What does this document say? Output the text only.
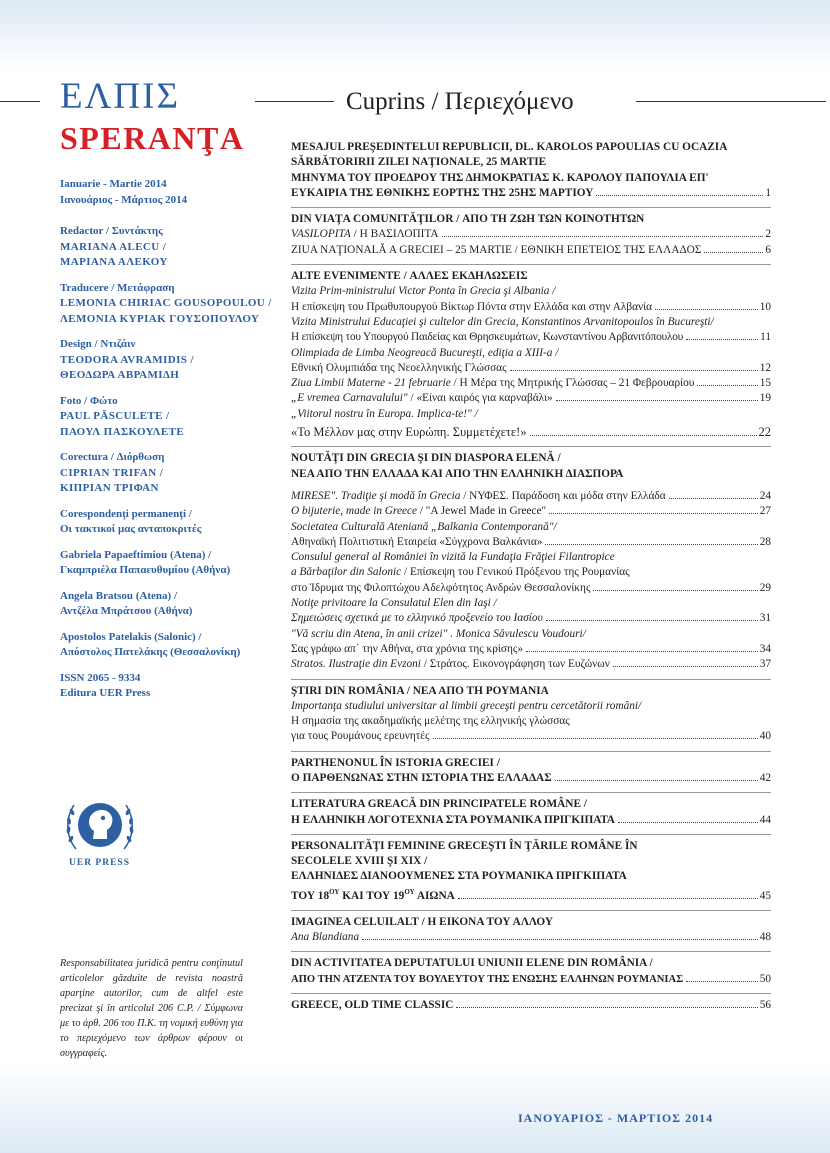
ΕΛΠΙΣ
SPERANŢA
Cuprins / Περιεχόμενο
Ianuarie - Martie 2014
Ιανουάριος - Μάρτιος 2014
Redactor / Συντάκτης
MARIANA ALECU /
ΜΑΡΙΑΝΑ ΑΛΕΚΟΥ
Traducere / Μετάφραση
LEMONIA CHIRIAC GOUSOPOULOU /
ΛΕΜΟΝΙΑ ΚΥΡΙΑΚ ΓΟΥΣΟΠΟΥΛΟΥ
Design / Ντιζάιν
TEODORA AVRAMIDIS /
ΘΕΟΔΩΡΑ ΑΒΡΑΜΙΔΗ
Foto / Φώτο
PAUL PĂSCULETE /
ΠΑΟΥΛ ΠΑΣΚΟΥΛΕΤΕ
Corectura / Διόρθωση
CIPRIAN TRIFAN /
ΚΙΠΡΙΑΝ ΤΡΙΦΑΝ
Corespondenţi permanenţi /
Οι τακτικοί μας ανταποκριτές
Gabriela Papaeftimiou (Atena) /
Γκαμπριέλα Παπαευθυμίου (Αθήνα)
Angela Bratsou (Atena) /
Αντζέλα Μπράτσου (Αθήνα)
Apostolos Patelakis (Salonic) /
Απόστολος Πατελάκης (Θεσσαλονίκη)
ISSN 2065 - 9334
Editura UER Press
UER PRESS
Responsabilitatea juridică pentru conţinutul articolelor găzduite de revista noastră aparţine autorilor, cum de altfel este precizat şi în articolul 206 C.P. / Σύμφωνα με το άρθ. 206 του Π.Κ. τη νομική ευθύνη για το περιεχόμενο των άρθρων φέρουν οι συγγραφείς.
MESAJUL PREŞEDINTELUI REPUBLICII, DL. KAROLOS PAPOULIAS CU OCAZIA
SĂRBĂTORIRII ZILEI NAŢIONALE, 25 MARTIE
ΜΗΝΥΜΑ ΤΟΥ ΠΡΟΕΔΡΟΥ ΤΗΣ ΔΗΜΟΚΡΑΤΙΑΣ Κ. ΚΑΡΟΛΟΥ ΠΑΠΟΥΛΙΑ ΕΠ'
ΕΥΚΑΙΡΙΑ ΤΗΣ ΕΘΝΙΚΗΣ ΕΟΡΤΗΣ ΤΗΣ 25ΗΣ ΜΑΡΤΙΟΥ	1
DIN VIAŢA COMUNITĂŢILOR / ΑΠΟ ΤΗ ΖΩΗ ΤΩΝ ΚΟΙΝΟΤΗΤΩΝ
VASILOPITA / Η ΒΑΣΙΛΟΠΙΤΑ	2
ZIUA NAŢIONALĂ A GRECIEI – 25 MARTIE / ΕΘΝΙΚΗ ΕΠΕΤΕΙΟΣ ΤΗΣ ΕΛΛΑΔΟΣ	6
ALTE EVENIMENTE / ΑΛΛΕΣ ΕΚΔΗΛΩΣΕΙΣ
Vizita Prim-ministrului Victor Ponta în Grecia şi Albania /
Η επίσκεψη του Πρωθυπουργού Βίκτωρ Πόντα στην Ελλάδα και στην Αλβανία	10
Vizita Ministrului Educaţiei şi cultelor din Grecia, Konstantinos Arvanitopoulos în Bucureşti/
Η επίσκεψη του Υπουργού Παιδείας και Θρησκευμάτων, Κωνσταντίνου Αρβανιτόπουλου	11
Olimpiada de Limba Neogreacă Bucureşti, ediţia a XIII-a /
Εθνική Ολυμπιάδα της Νεοελληνικής Γλώσσας	12
Ziua Limbii Materne - 21 februarie / Η Μέρα της Μητρικής Γλώσσας – 21 Φεβρουαρίου	15
„E vremea Carnavalului" / «Είναι καιρός για καρναβάλι»	19
„Viitorul nostru în Europa. Implica-te!" /
«Το Μέλλον μας στην Ευρώπη. Συμμετέχετε!»	22
NOUTĂŢI DIN GRECIA ŞI DIN DIASPORA ELENĂ /
ΝΕΑ ΑΠΟ ΤΗΝ ΕΛΛΑΔΑ ΚΑΙ ΑΠΟ ΤΗΝ ΕΛΛΗΝΙΚΗ ΔΙΑΣΠΟΡΑ
MIRESE". Tradiţie şi modă în Grecia / ΝΥΦΕΣ. Παράδοση και μόδα στην Ελλάδα	24
O bijuterie, made in Greece / "A Jewel Made in Greece"	27
Societatea Culturală Ateniană „Balkania Contemporană"/
Αθηναϊκή Πολιτιστική Εταιρεία «Σύγχρονα Βαλκάνια»	28
Consulul general al României în vizită la Fundaţia Frăţiei Filantropice
a Bărbaţilor din Salonic / Επίσκεψη του Γενικού Πρόξενου της Ρουμανίας
στο Ίδρυμα της Φιλοπτώχου Αδελφότητος Ανδρών Θεσσαλονίκης	29
Notiţe privitoare la Consulatul Elen din Iaşi /
Σημειώσεις σχετικά με το ελληνικό προξενείο του Ιασίου	31
"Vă scriu din Atena, în anii crizei" . Monica Săvulescu Voudouri/
Σας γράφω απ΄ την Αθήνα, στα χρόνια της κρίσης»	34
Stratos. Ilustraţie din Evzoni / Στράτος. Εικονογράφηση των Ευζώνων	37
ŞTIRI DIN ROMÂNIA / ΝΕΑ ΑΠΟ ΤΗ ΡΟΥΜΑΝΙΑ
Importanţa studiului universitar al limbii greceşti pentru cercetătorii români/
Η σημασία της ακαδημαϊκής μελέτης της ελληνικής γλώσσας
για τους Ρουμάνους ερευνητές	40
PARTHENONUL ÎN ISTORIA GRECIEI /
Ο ΠΑΡΘΕΝΩΝΑΣ ΣΤΗΝ ΙΣΤΟΡΙΑ ΤΗΣ ΕΛΛΑΔΑΣ	42
LITERATURA GREACĂ DIN PRINCIPATELE ROMÂNE /
Η ΕΛΛΗΝΙΚΗ ΛΟΓΟΤΕΧΝΙΑ ΣΤΑ ΡΟΥΜΑΝΙΚΑ ΠΡΙΓΚΙΠΑΤΑ	44
PERSONALITĂŢI FEMININE GRECEŞTI ÎN ŢĂRILE ROMÂNE ÎN
SECOLELE XVIII ŞI XIX /
ΕΛΛΗΝΙΔΕΣ ΔΙΑΝΟΟΥΜΕΝΕΣ ΣΤΑ ΡΟΥΜΑΝΙΚΑ ΠΡΙΓΚΙΠΑΤΑ
ΤΟΥ $18^{O\Upsilon}$ ΚΑΙ ΤΟΥ $19^{O\Upsilon}$ ΑΙΩΝΑ	45
IMAGINEA CELUILALT / Η ΕΙΚΟΝΑ ΤΟΥ ΑΛΛΟΥ
Ana Blandiana	48
DIN ACTIVITATEA DEPUTATULUI UNIUNII ELENE DIN ROMÂNIA /
ΑΠΟ ΤΗΝ ΑΤΖΕΝΤΑ ΤΟΥ ΒΟΥΛΕΥΤΟΥ ΤΗΣ ΕΝΩΣΗΣ ΕΛΛΗΝΩΝ ΡΟΥΜΑΝΙΑΣ	50
GREECE, OLD TIME CLASSIC	56
ΙΑΝΟΥΑΡΙΟΣ - ΜΑΡΤΙΟΣ 2014
